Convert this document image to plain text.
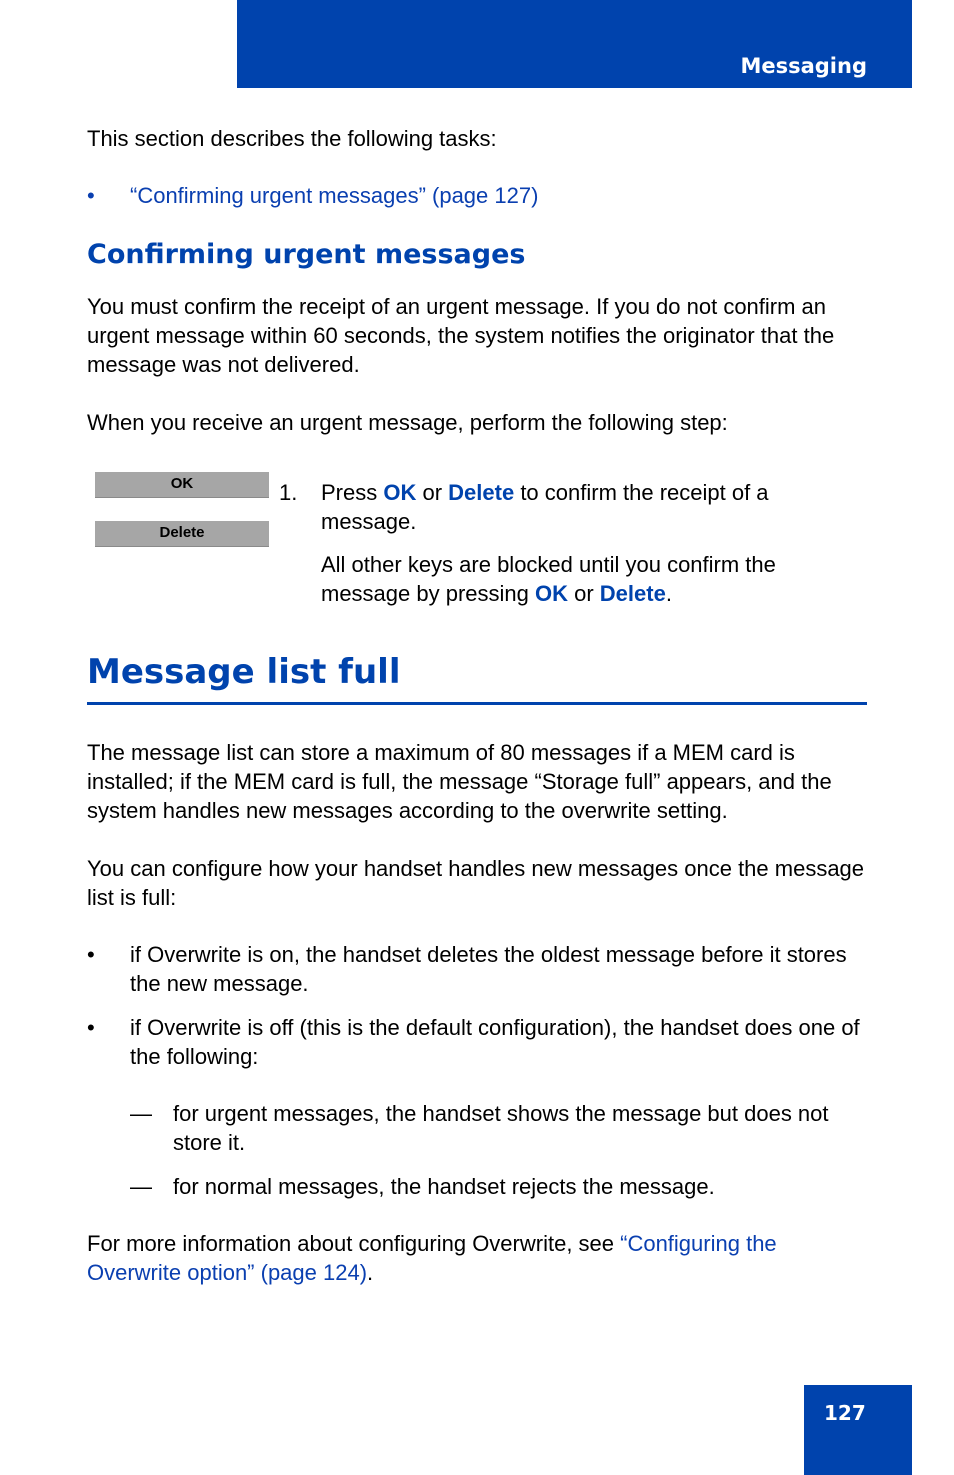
Messaging

This section describes the following tasks:

• “Confirming urgent messages” (page 127)
Confirming urgent messages

You must confirm the receipt of an urgent message. If you do not confirm an urgent message within 60 seconds, the system notifies the originator that the message was not delivered.

When you receive an urgent message, perform the following step:

OK
Delete
1. Press OK or Delete to confirm the receipt of a message.
All other keys are blocked until you confirm the message by pressing OK or Delete.
Message list full

The message list can store a maximum of 80 messages if a MEM card is installed; if the MEM card is full, the message “Storage full” appears, and the system handles new messages according to the overwrite setting.

You can configure how your handset handles new messages once the message list is full:

• if Overwrite is on, the handset deletes the oldest message before it stores the new message.
• if Overwrite is off (this is the default configuration), the handset does one of the following:
— for urgent messages, the handset shows the message but does not store it.
— for normal messages, the handset rejects the message.

For more information about configuring Overwrite, see “Configuring the Overwrite option” (page 124).

127
